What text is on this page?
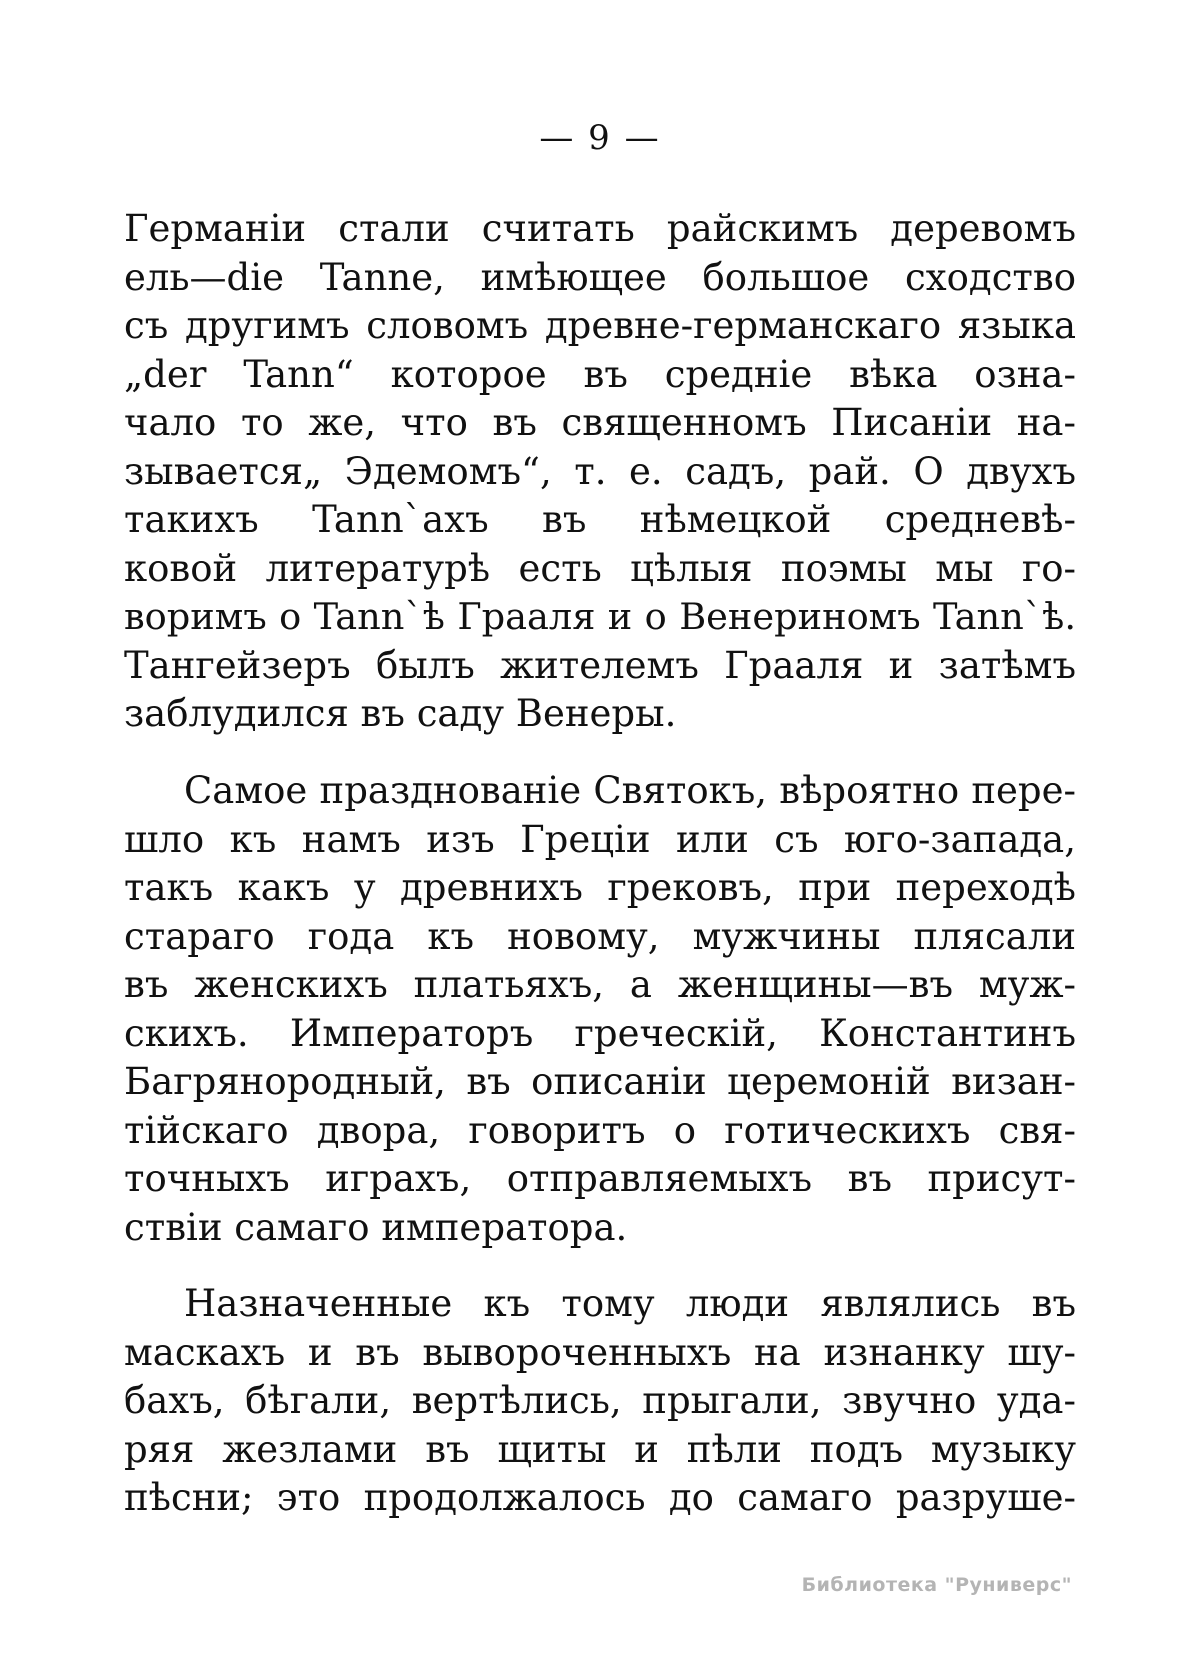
— 9 —
Германіи стали считать райскимъ деревомъ
ель—die Tanne, имѣющее большое сходство
съ другимъ словомъ древне-германскаго языка
„der Tann“ которое въ средніе вѣка озна-
чало то же, что въ священномъ Писаніи на-
зывается„ Эдемомъ“, т. е. садъ, рай. О двухъ
такихъ Tann`ахъ въ нѣмецкой средневѣ-
ковой литературѣ есть цѣлыя поэмы мы го-
воримъ о Tann`ѣ Грааля и о Венериномъ Tann`ѣ.
Тангейзеръ былъ жителемъ Грааля и затѣмъ
заблудился въ саду Венеры.
Самое празднованіе Святокъ, вѣроятно пере-
шло къ намъ изъ Греціи или съ юго-запада,
такъ какъ у древнихъ грековъ, при переходѣ
стараго года къ новому, мужчины плясали
въ женскихъ платьяхъ, а женщины—въ муж-
скихъ. Императоръ греческій, Константинъ
Багрянородный, въ описаніи церемоній визан-
тійскаго двора, говоритъ о готическихъ свя-
точныхъ играхъ, отправляемыхъ въ присут-
ствіи самаго императора.
Назначенные къ тому люди являлись въ
маскахъ и въ вывороченныхъ на изнанку шу-
бахъ, бѣгали, вертѣлись, прыгали, звучно уда-
ряя жезлами въ щиты и пѣли подъ музыку
пѣсни; это продолжалось до самаго разруше-
Библиотека "Руниверс"
